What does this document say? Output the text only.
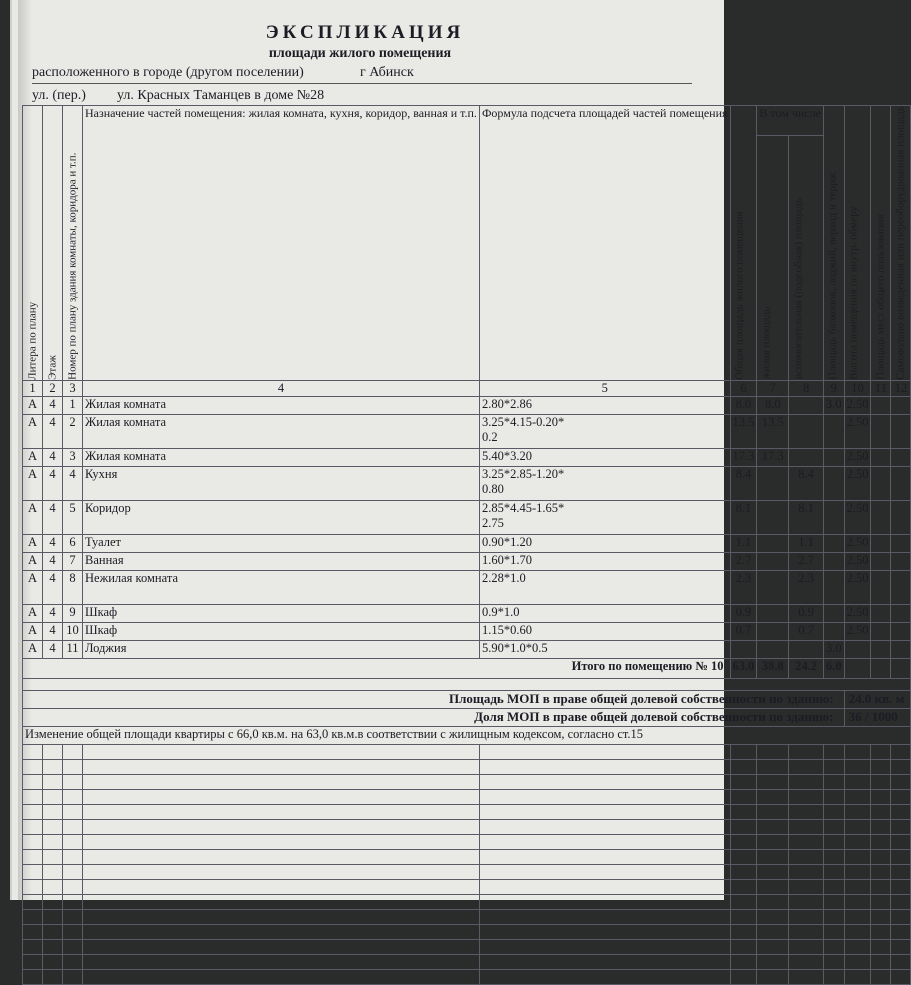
ЭКСПЛИКАЦИЯ
площади жилого помещения
расположенного в городе (другом поселении)	г Абинск
ул. (пер.) ул. Красных Таманцев в доме №28
Литера по плану	Этаж	Номер по плану здания комнаты, коридора и т.п.	Назначение частей помещения: жилая комната, кухня, коридор, ванная и т.п.	Формула подсчета площадей частей помещения	Общая площадь жилого помещения	В том числе		Площадь балконов, лоджий, веранд и террас	Высота помещения по внутр. обмеру	Площадь мест общего пользования	Самовольно возведенная или переоборудованная площадь
						жилая площадь	вспомогательная (подсобная) площадь				
1	2	3	4	5	6	7	8	9	10	11	12
А	4	1	Жилая комната	2.80*2.86	8.0	8.0		3.0	2.50		
А	4	2	Жилая комната	3.25*4.15-0.20*
0.2	13.5	13.5			2.50		
А	4	3	Жилая комната	5.40*3.20	17.3	17.3			2.50		
А	4	4	Кухня	3.25*2.85-1.20*
0.80	8.4		8.4		2.50		
А	4	5	Коридор	2.85*4.45-1.65*
2.75	8.1		8.1		2.50		
А	4	6	Туалет	0.90*1.20	1.1		1.1		2.50		
А	4	7	Ванная	1.60*1.70	2.7		2.7		2.50		
А	4	8	Нежилая комната	2.28*1.0	2.3		2.3		2.50		
А	4	9	Шкаф	0.9*1.0	0.9		0.9		2.50		
А	4	10	Шкаф	1.15*0.60	0.7		0.7		2.50		
А	4	11	Лоджия	5.90*1.0*0.5				3.0			
Итого по помещению № 10					63.0	38.8	24.2	6.0			

Площадь МОП в праве общей долевой собственности по зданию:									24.0 кв. м		
Доля МОП в праве общей долевой собственности по зданию:									36 / 1000		
Изменение общей площади квартиры с 66,0 кв.м. на 63,0 кв.м.в соответствии с жилищным кодексом, согласно ст.15											
